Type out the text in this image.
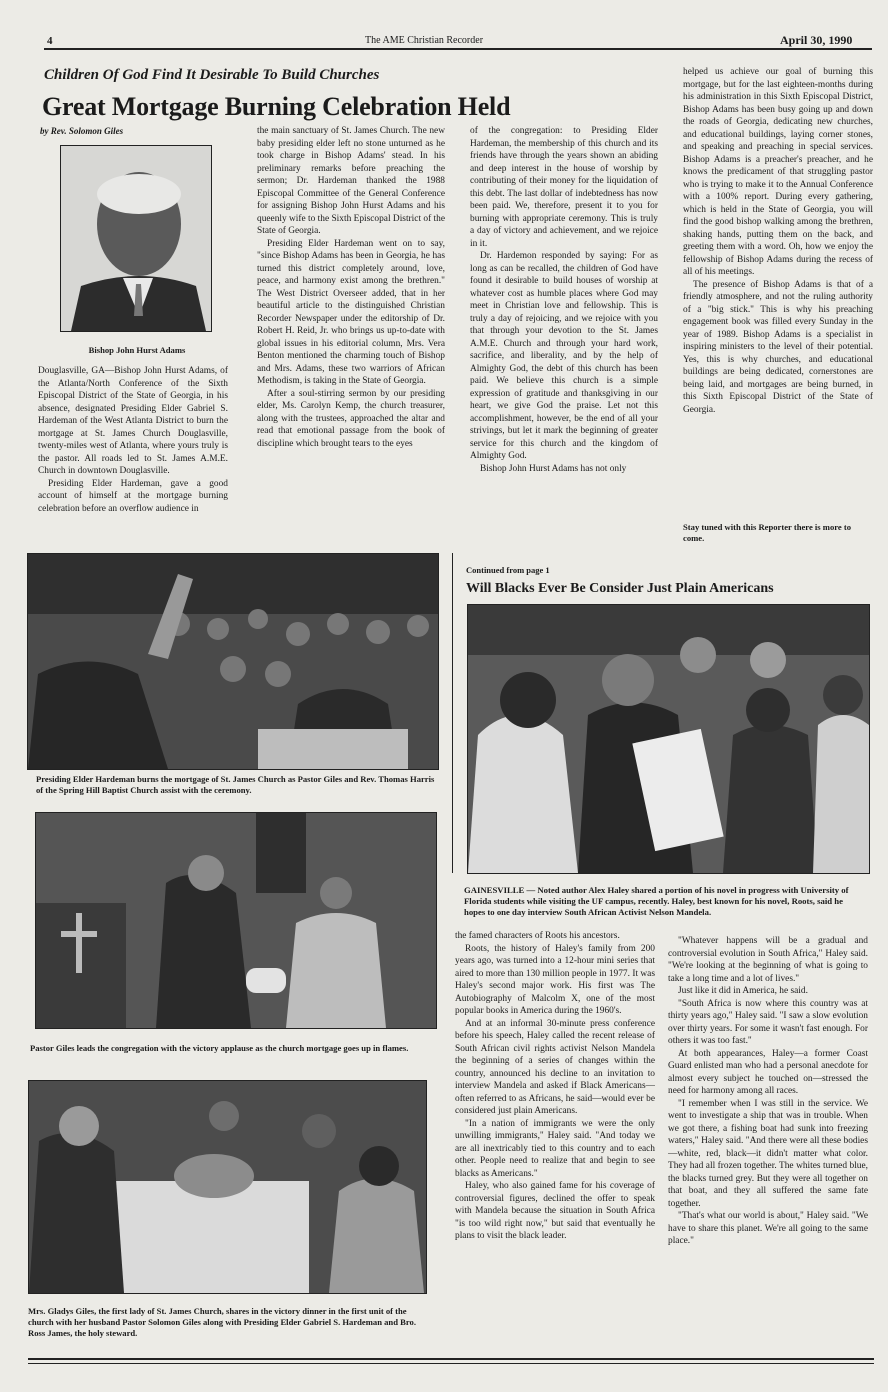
4	The AME Christian Recorder	April 30, 1990
Children Of God Find It Desirable To Build Churches
Great Mortgage Burning Celebration Held
by Rev. Solomon Giles
Bishop John Hurst Adams

Douglasville, GA—Bishop John Hurst Adams, of the Atlanta/North Conference of the Sixth Episcopal District of the State of Georgia, in his absence, designated Presiding Elder Gabriel S. Hardeman of the West Atlanta District to burn the mortgage at St. James Church Douglasville, twenty-miles west of Atlanta, where yours truly is the pastor. All roads led to St. James A.M.E. Church in downtown Douglasville.

Presiding Elder Hardeman, gave a good account of himself at the mortgage burning celebration before an overflow audience in

the main sanctuary of St. James Church. The new baby presiding elder left no stone unturned as he took charge in Bishop Adams' stead. In his preliminary remarks before preaching the sermon; Dr. Hardeman thanked the 1988 Episcopal Committee of the General Conference for assigning Bishop John Hurst Adams and his queenly wife to the Sixth Episcopal District of the State of Georgia.

Presiding Elder Hardeman went on to say, "since Bishop Adams has been in Georgia, he has turned this district completely around, love, peace, and harmony exist among the brethren." The West District Overseer added, that in her beautiful article to the distinguished Christian Recorder Newspaper under the editorship of Dr. Robert H. Reid, Jr. who brings us up-to-date with global issues in his editorial column, Mrs. Vera Benton mentioned the charming touch of Bishop and Mrs. Adams, these two warriors of African Methodism, is taking in the State of Georgia.

After a soul-stirring sermon by our presiding elder, Ms. Carolyn Kemp, the church treasurer, along with the trustees, approached the altar and read that emotional passage from the book of discipline which brought tears to the eyes

of the congregation: to Presiding Elder Hardeman, the membership of this church and its friends have through the years shown an abiding and deep interest in the house of worship by contributing of their money for the liquidation of this debt. The last dollar of indebtedness has now been paid. We, therefore, present it to you for burning with appropriate ceremony. This is truly a day of victory and achievement, and we rejoice in it.

Dr. Hardemon responded by saying: For as long as can be recalled, the children of God have found it desirable to build houses of worship at whatever cost as humble places where God may meet in Christian love and fellowship. This is truly a day of rejoicing, and we rejoice with you that through your devotion to the St. James A.M.E. Church and through your hard work, sacrifice, and liberality, and by the help of Almighty God, the debt of this church has been paid. We believe this church is a simple expression of gratitude and thanksgiving in our heart, we give God the praise. Let not this accomplishment, however, be the end of all your strivings, but let it mark the beginning of greater service for this church and the kingdom of Almighty God.

Bishop John Hurst Adams has not only

helped us achieve our goal of burning this mortgage, but for the last eighteen-months during his administration in this Sixth Episcopal District, Bishop Adams has been busy going up and down the roads of Georgia, dedicating new churches, and educational buildings, laying corner stones, and speaking and preaching in special services. Bishop Adams is a preacher's preacher, and he knows the predicament of that struggling pastor who is trying to make it to the Annual Conference with a 100% report. During every gathering, which is held in the State of Georgia, you will find the good bishop walking among the brethren, shaking hands, putting them on the back, and greeting them with a word. Oh, how we enjoy the fellowship of Bishop Adams during the recess of all of his meetings.

The presence of Bishop Adams is that of a friendly atmosphere, and not the ruling authority of a "big stick." This is why his preaching engagement book was filled every Sunday in the year of 1989. Bishop Adams is a specialist in inspiring ministers to the level of their potential. Yes, this is why churches, and educational buildings are being dedicated, cornerstones are being laid, and mortgages are being burned, in this Sixth Episcopal District of the State of Georgia.

Stay tuned with this Reporter there is more to come.
Presiding Elder Hardeman burns the mortgage of St. James Church as Pastor Giles and Rev. Thomas Harris of the Spring Hill Baptist Church assist with the ceremony.
Pastor Giles leads the congregation with the victory applause as the church mortgage goes up in flames.
Mrs. Gladys Giles, the first lady of St. James Church, shares in the victory dinner in the first unit of the church with her husband Pastor Solomon Giles along with Presiding Elder Gabriel S. Hardeman and Bro. Ross James, the holy steward.
Continued from page 1
Will Blacks Ever Be Consider Just Plain Americans
GAINESVILLE — Noted author Alex Haley shared a portion of his novel in progress with University of Florida students while visiting the UF campus, recently. Haley, best known for his novel, Roots, said he hopes to one day interview South African Activist Nelson Mandela.

the famed characters of Roots his ancestors.

Roots, the history of Haley's family from 200 years ago, was turned into a 12-hour mini series that aired to more than 130 million people in 1977. It was Haley's second major work. His first was The Autobiography of Malcolm X, one of the most popular books in America during the 1960's.

And at an informal 30-minute press conference before his speech, Haley called the recent release of South African civil rights activist Nelson Mandela the beginning of a series of changes within the country, announced his decline to an invitation to interview Mandela and asked if Black Americans—often referred to as Africans, he said—would ever be considered just plain Americans.

"In a nation of immigrants we were the only unwilling immigrants," Haley said. "And today we are all inextricably tied to this country and to each other. People need to realize that and begin to see blacks as Americans."

Haley, who also gained fame for his coverage of controversial figures, declined the offer to speak with Mandela because the situation in South Africa "is too wild right now," but said that eventually he plans to visit the black leader.

"Whatever happens will be a gradual and controversial evolution in South Africa," Haley said. "We're looking at the beginning of what is going to take a long time and a lot of lives."

Just like it did in America, he said.

"South Africa is now where this country was at thirty years ago," Haley said. "I saw a slow evolution over thirty years. For some it wasn't fast enough. For others it was too fast."

At both appearances, Haley—a former Coast Guard enlisted man who had a personal anecdote for almost every subject he touched on—stressed the need for harmony among all races.

"I remember when I was still in the service. We went to investigate a ship that was in trouble. When we got there, a fishing boat had sunk into freezing waters," Haley said. "And there were all these bodies—white, red, black—it didn't matter what color. They had all frozen together. The whites turned blue, the blacks turned grey. But they were all together on that boat, and they all suffered the same fate together.

"That's what our world is about," Haley said. "We have to share this planet. We're all going to the same place."
